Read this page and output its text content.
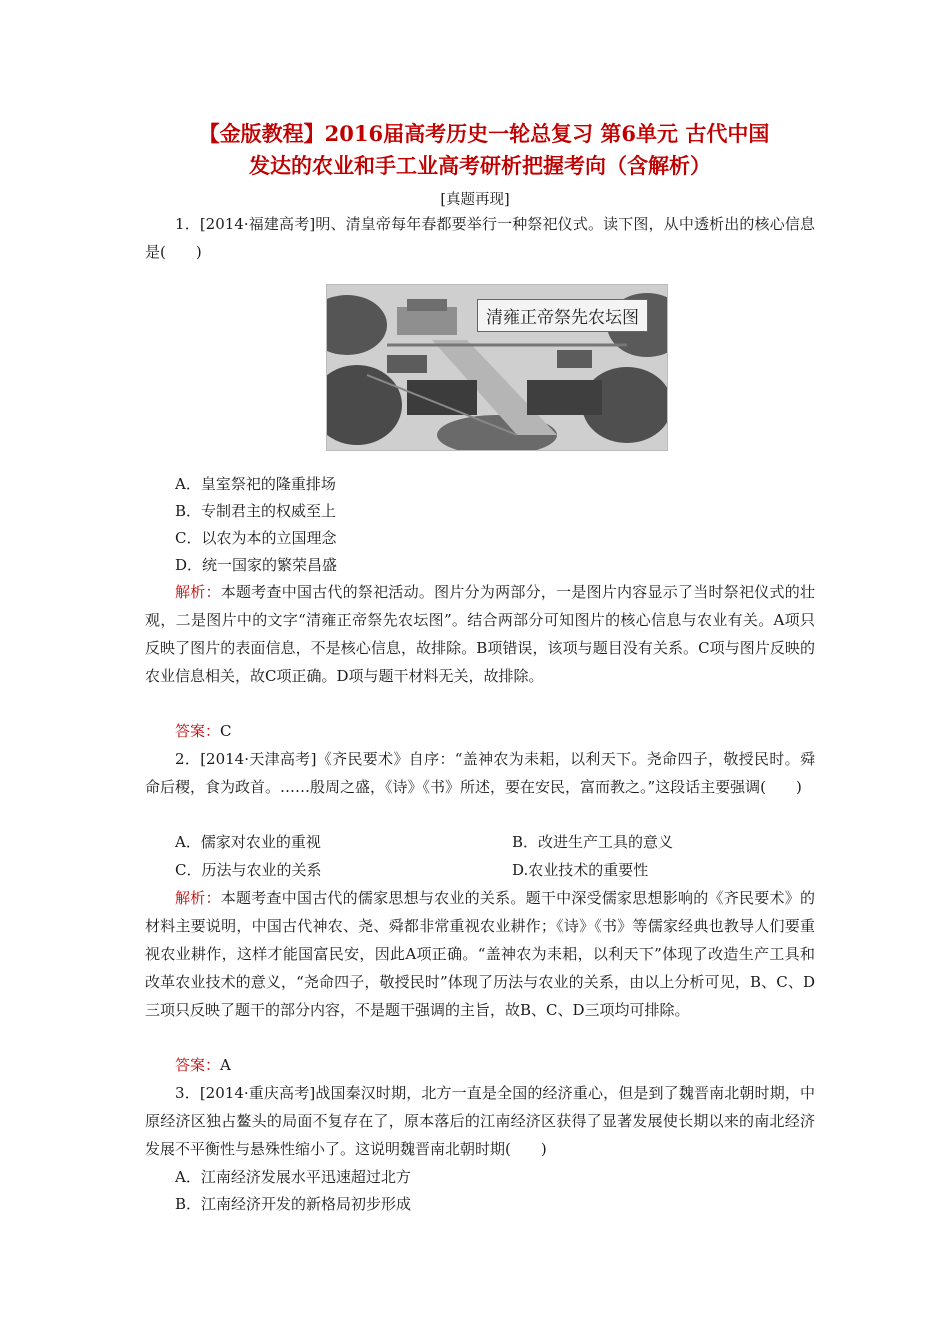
【金版教程】2016届高考历史一轮总复习 第6单元 古代中国
发达的农业和手工业高考研析把握考向（含解析）
[真题再现]

1．[2014·福建高考]明、清皇帝每年春都要举行一种祭祀仪式。读下图，从中透析出的核心信息是(　　)

清雍正帝祭先农坛图
A．皇室祭祀的隆重排场
B．专制君主的权威至上
C．以农为本的立国理念
D．统一国家的繁荣昌盛

解析：本题考查中国古代的祭祀活动。图片分为两部分，一是图片内容显示了当时祭祀仪式的壮观，二是图片中的文字“清雍正帝祭先农坛图”。结合两部分可知图片的核心信息与农业有关。A项只反映了图片的表面信息，不是核心信息，故排除。B项错误，该项与题目没有关系。C项与图片反映的农业信息相关，故C项正确。D项与题干材料无关，故排除。

答案：C

2．[2014·天津高考]《齐民要术》自序：“盖神农为耒耜，以利天下。尧命四子，敬授民时。舜命后稷，食为政首。……殷周之盛，《诗》《书》所述，要在安民，富而教之。”这段话主要强调(　　)

A．儒家对农业的重视	B．改进生产工具的意义
C．历法与农业的关系	D.农业技术的重要性

解析：本题考查中国古代的儒家思想与农业的关系。题干中深受儒家思想影响的《齐民要术》的材料主要说明，中国古代神农、尧、舜都非常重视农业耕作；《诗》《书》等儒家经典也教导人们要重视农业耕作，这样才能国富民安，因此A项正确。“盖神农为耒耜，以利天下”体现了改造生产工具和改革农业技术的意义，“尧命四子，敬授民时”体现了历法与农业的关系，由以上分析可见，B、C、D三项只反映了题干的部分内容，不是题干强调的主旨，故B、C、D三项均可排除。

答案：A

3．[2014·重庆高考]战国秦汉时期，北方一直是全国的经济重心，但是到了魏晋南北朝时期，中原经济区独占鳌头的局面不复存在了，原本落后的江南经济区获得了显著发展使长期以来的南北经济发展不平衡性与悬殊性缩小了。这说明魏晋南北朝时期(　　)

A．江南经济发展水平迅速超过北方
B．江南经济开发的新格局初步形成
